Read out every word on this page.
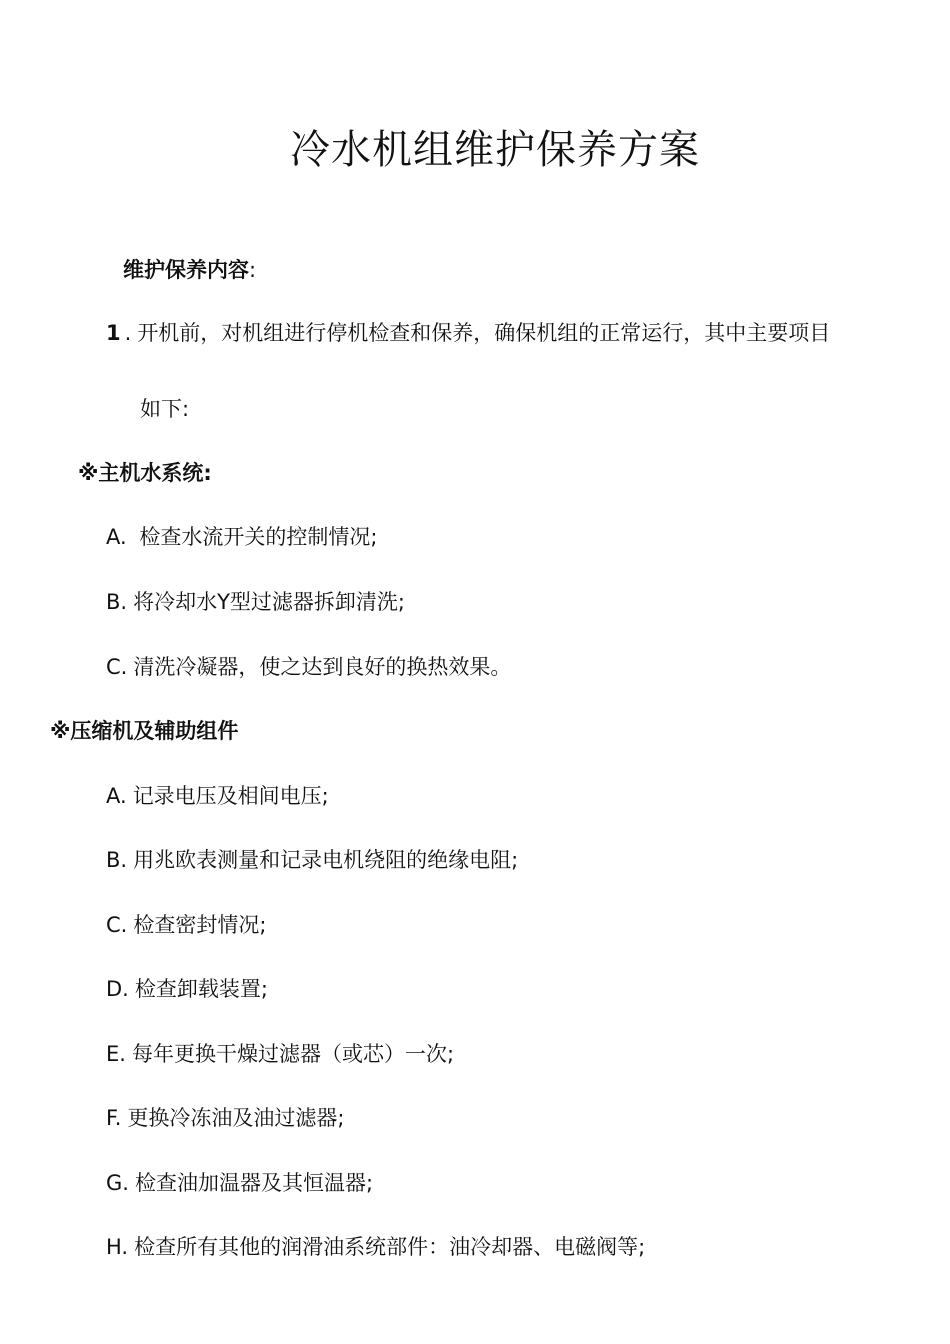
冷水机组维护保养方案
维护保养内容:
1 . 开机前，对机组进行停机检查和保养，确保机组的正常运行，其中主要项目
如下:
※主机水系统:
A. 检查水流开关的控制情况;
B. 将冷却水Y型过滤器拆卸清洗;
C. 清洗冷凝器，使之达到良好的换热效果。
※压缩机及辅助组件
A. 记录电压及相间电压;
B. 用兆欧表测量和记录电机绕阻的绝缘电阻;
C. 检查密封情况;
D. 检查卸载装置;
E. 每年更换干燥过滤器（或芯）一次;
F. 更换冷冻油及油过滤器;
G. 检查油加温器及其恒温器;
H. 检查所有其他的润滑油系统部件：油冷却器、电磁阀等;
